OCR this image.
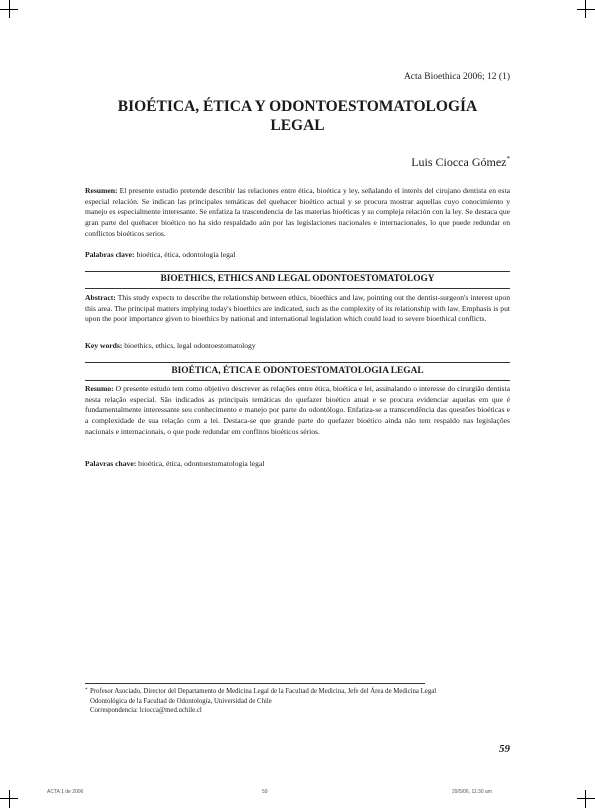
Acta Bioethica 2006; 12 (1)
BIOÉTICA, ÉTICA Y ODONTOESTOMATOLOGÍA
LEGAL
Luis Ciocca Gómez*
Resumen: El presente estudio pretende describir las relaciones entre ética, bioética y ley, señalando el interés del cirujano dentista en esta especial relación. Se indican las principales temáticas del quehacer bioético actual y se procura mostrar aquellas cuyo conocimiento y manejo es especialmente interesante. Se enfatiza la trascendencia de las materias bioéticas y su compleja relación con la ley. Se destaca que gran parte del quehacer bioético no ha sido respaldado aún por las legislaciones nacionales e internacionales, lo que puede redundar en conflictos bioéticos serios.
Palabras clave: bioética, ética, odontología legal
BIOETHICS, ETHICS AND LEGAL ODONTOESTOMATOLOGY
Abstract: This study expects to describe the relationship between ethics, bioethics and law, pointing out the dentist-surgeon's interest upon this area. The principal matters implying today's bioethics are indicated, such as the complexity of its relationship with law. Emphasis is put upon the poor importance given to bioethics by national and international legislation which could lead to severe bioethical conflicts.
Key words: bioethics, ethics, legal odontoestomatology
BIOÉTICA, ÉTICA E ODONTOESTOMATOLOGIA LEGAL
Resumo: O presente estudo tem como objetivo descrever as relações entre ética, bioética e lei, assinalando o interesse do cirurgião dentista nesta relação especial. São indicados as principais temáticas do quefazer bioético atual e se procura evidenciar aquelas em que é fundamentalmente interessante seu conhecimento e manejo por parte do odontólogo. Enfatiza-se a transcendência das questões bioéticas e a complexidade de sua relação com a lei. Destaca-se que grande parte do quefazer bioético ainda não tem respaldo nas legislações nacionais e internacionais, o que pode redundar em conflitos bioéticos sérios.
Palavras chave: bioética, ética, odontoestomatologia legal
* Profesor Asociado, Director del Departamento de Medicina Legal de la Facultad de Medicina, Jefe del Área de Medicina Legal
Odontológica de la Facultad de Odontología, Universidad de Chile
Correspondencia: lciocca@med.uchile.cl
59
ACTA 1 de 2006	59	29/5/06, 11:30 am
